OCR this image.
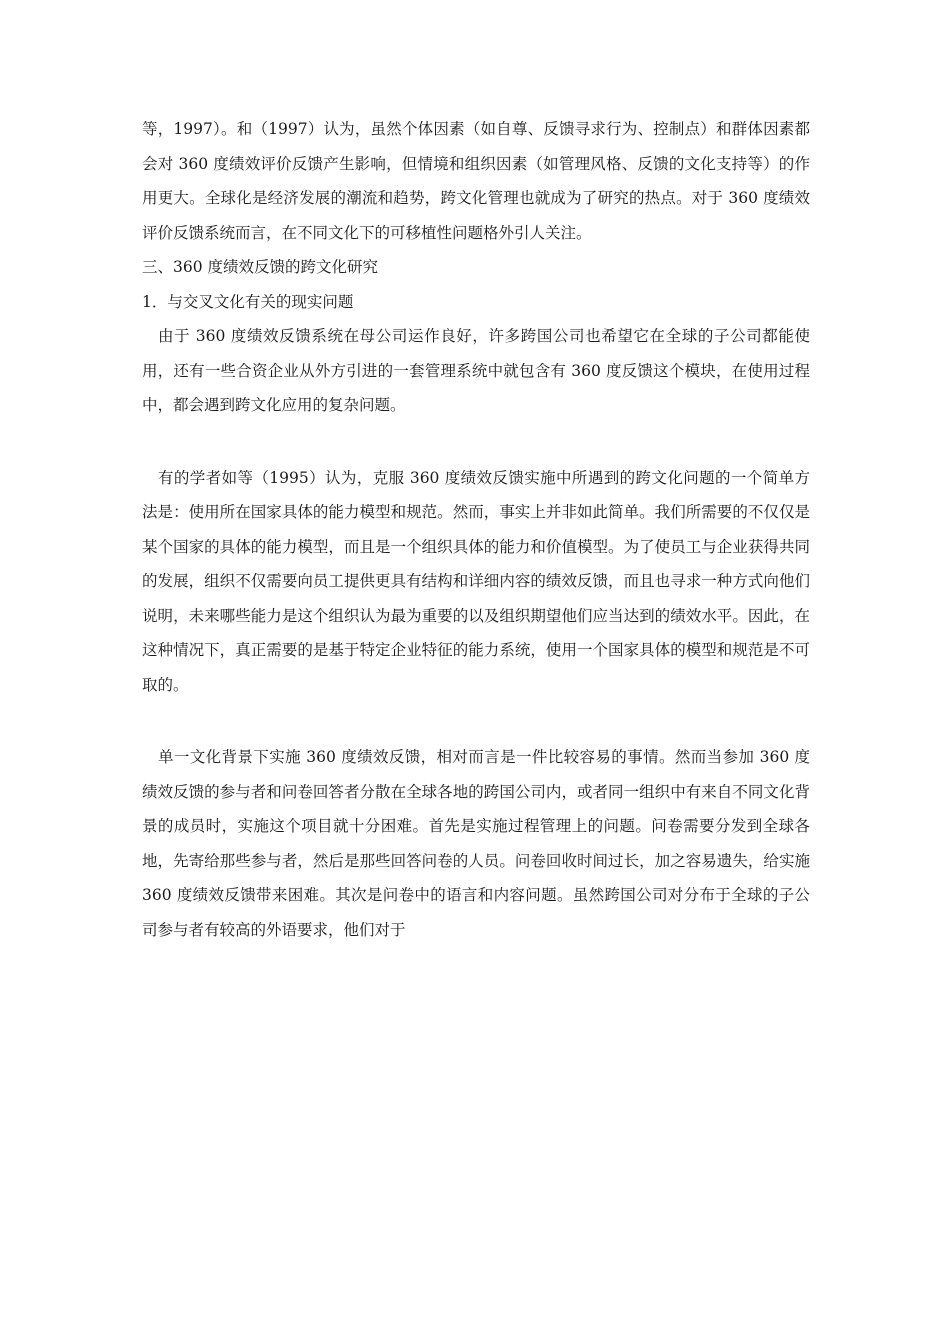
等，1997）。和（1997）认为，虽然个体因素（如自尊、反馈寻求行为、控制点）和群体因素都会对 360 度绩效评价反馈产生影响，但情境和组织因素（如管理风格、反馈的文化支持等）的作用更大。全球化是经济发展的潮流和趋势，跨文化管理也就成为了研究的热点。对于 360 度绩效评价反馈系统而言，在不同文化下的可移植性问题格外引人关注。

三、360 度绩效反馈的跨文化研究

1．与交叉文化有关的现实问题

由于 360 度绩效反馈系统在母公司运作良好，许多跨国公司也希望它在全球的子公司都能使用，还有一些合资企业从外方引进的一套管理系统中就包含有 360 度反馈这个模块，在使用过程中，都会遇到跨文化应用的复杂问题。

有的学者如等（1995）认为，克服 360 度绩效反馈实施中所遇到的跨文化问题的一个简单方法是：使用所在国家具体的能力模型和规范。然而，事实上并非如此简单。我们所需要的不仅仅是某个国家的具体的能力模型，而且是一个组织具体的能力和价值模型。为了使员工与企业获得共同的发展，组织不仅需要向员工提供更具有结构和详细内容的绩效反馈，而且也寻求一种方式向他们说明，未来哪些能力是这个组织认为最为重要的以及组织期望他们应当达到的绩效水平。因此，在这种情况下，真正需要的是基于特定企业特征的能力系统，使用一个国家具体的模型和规范是不可取的。

单一文化背景下实施 360 度绩效反馈，相对而言是一件比较容易的事情。然而当参加 360 度绩效反馈的参与者和问卷回答者分散在全球各地的跨国公司内，或者同一组织中有来自不同文化背景的成员时，实施这个项目就十分困难。首先是实施过程管理上的问题。问卷需要分发到全球各地，先寄给那些参与者，然后是那些回答问卷的人员。问卷回收时间过长，加之容易遗失，给实施 360 度绩效反馈带来困难。其次是问卷中的语言和内容问题。虽然跨国公司对分布于全球的子公司参与者有较高的外语要求，他们对于
